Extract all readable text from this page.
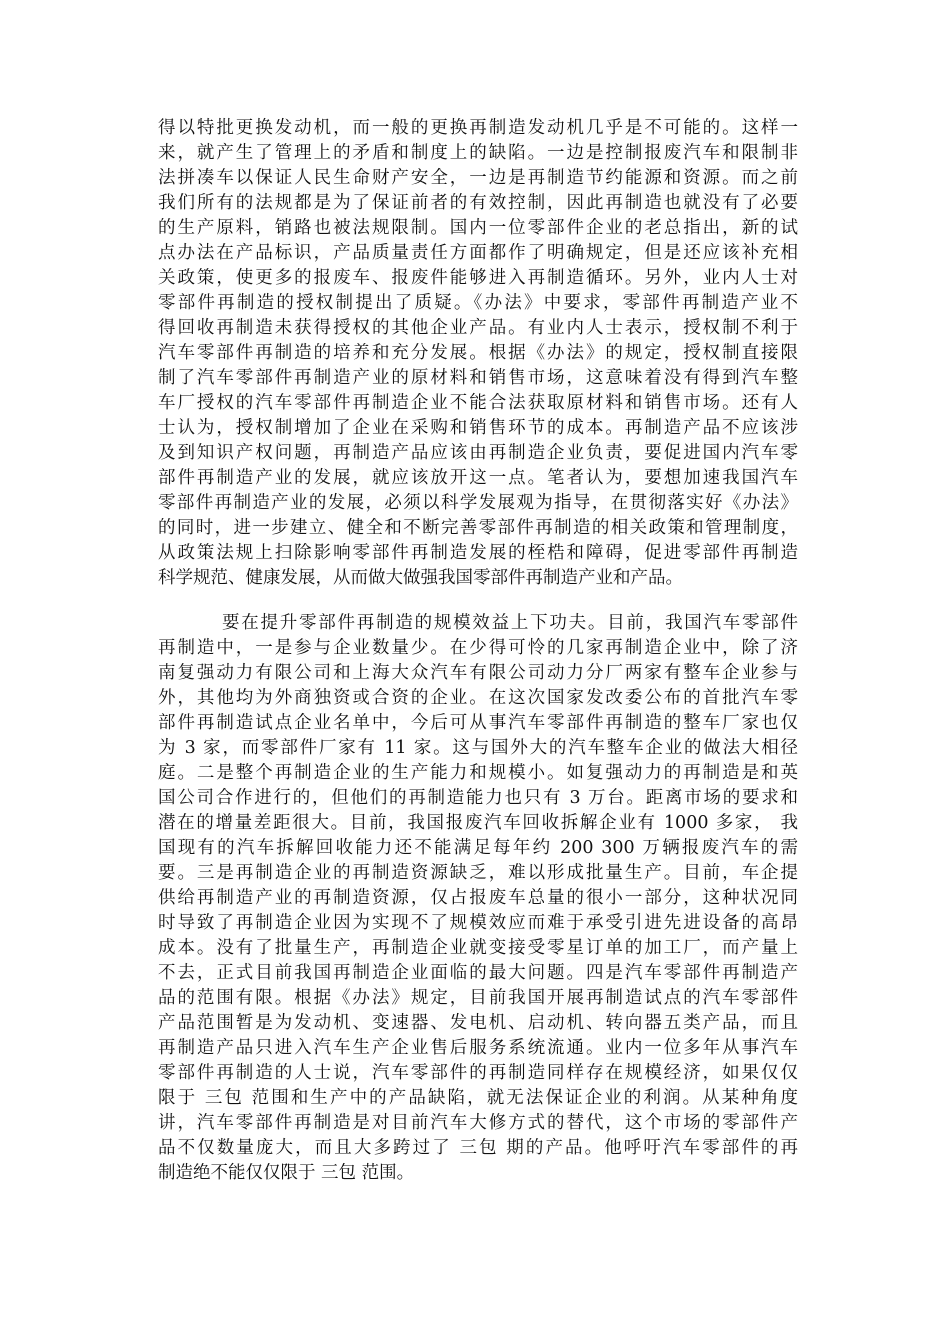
得以特批更换发动机，而一般的更换再制造发动机几乎是不可能的。这样一
来，就产生了管理上的矛盾和制度上的缺陷。一边是控制报废汽车和限制非
法拼凑车以保证人民生命财产安全，一边是再制造节约能源和资源。而之前
我们所有的法规都是为了保证前者的有效控制，因此再制造也就没有了必要
的生产原料，销路也被法规限制。国内一位零部件企业的老总指出，新的试
点办法在产品标识，产品质量责任方面都作了明确规定，但是还应该补充相
关政策，使更多的报废车、报废件能够进入再制造循环。另外，业内人士对
零部件再制造的授权制提出了质疑。《办法》中要求，零部件再制造产业不
得回收再制造未获得授权的其他企业产品。有业内人士表示，授权制不利于
汽车零部件再制造的培养和充分发展。根据《办法》的规定，授权制直接限
制了汽车零部件再制造产业的原材料和销售市场，这意味着没有得到汽车整
车厂授权的汽车零部件再制造企业不能合法获取原材料和销售市场。还有人
士认为，授权制增加了企业在采购和销售环节的成本。再制造产品不应该涉
及到知识产权问题，再制造产品应该由再制造企业负责，要促进国内汽车零
部件再制造产业的发展，就应该放开这一点。笔者认为，要想加速我国汽车
零部件再制造产业的发展，必须以科学发展观为指导，在贯彻落实好《办法》
的同时，进一步建立、健全和不断完善零部件再制造的相关政策和管理制度，
从政策法规上扫除影响零部件再制造发展的桎梏和障碍，促进零部件再制造
科学规范、健康发展，从而做大做强我国零部件再制造产业和产品。
要在提升零部件再制造的规模效益上下功夫。目前，我国汽车零部件
再制造中，一是参与企业数量少。在少得可怜的几家再制造企业中，除了济
南复强动力有限公司和上海大众汽车有限公司动力分厂两家有整车企业参与
外，其他均为外商独资或合资的企业。在这次国家发改委公布的首批汽车零
部件再制造试点企业名单中，今后可从事汽车零部件再制造的整车厂家也仅
为 3 家，而零部件厂家有 11 家。这与国外大的汽车整车企业的做法大相径
庭。二是整个再制造企业的生产能力和规模小。如复强动力的再制造是和英
国公司合作进行的，但他们的再制造能力也只有 3 万台。距离市场的要求和
潜在的增量差距很大。目前，我国报废汽车回收拆解企业有 1000 多家， 我
国现有的汽车拆解回收能力还不能满足每年约 200 300 万辆报废汽车的需
要。三是再制造企业的再制造资源缺乏，难以形成批量生产。目前，车企提
供给再制造产业的再制造资源，仅占报废车总量的很小一部分，这种状况同
时导致了再制造企业因为实现不了规模效应而难于承受引进先进设备的高昂
成本。没有了批量生产，再制造企业就变接受零星订单的加工厂，而产量上
不去，正式目前我国再制造企业面临的最大问题。四是汽车零部件再制造产
品的范围有限。根据《办法》规定，目前我国开展再制造试点的汽车零部件
产品范围暂是为发动机、变速器、发电机、启动机、转向器五类产品，而且
再制造产品只进入汽车生产企业售后服务系统流通。业内一位多年从事汽车
零部件再制造的人士说，汽车零部件的再制造同样存在规模经济，如果仅仅
限于 三包 范围和生产中的产品缺陷，就无法保证企业的利润。从某种角度
讲，汽车零部件再制造是对目前汽车大修方式的替代，这个市场的零部件产
品不仅数量庞大，而且大多跨过了 三包 期的产品。他呼吁汽车零部件的再
制造绝不能仅仅限于 三包 范围。
